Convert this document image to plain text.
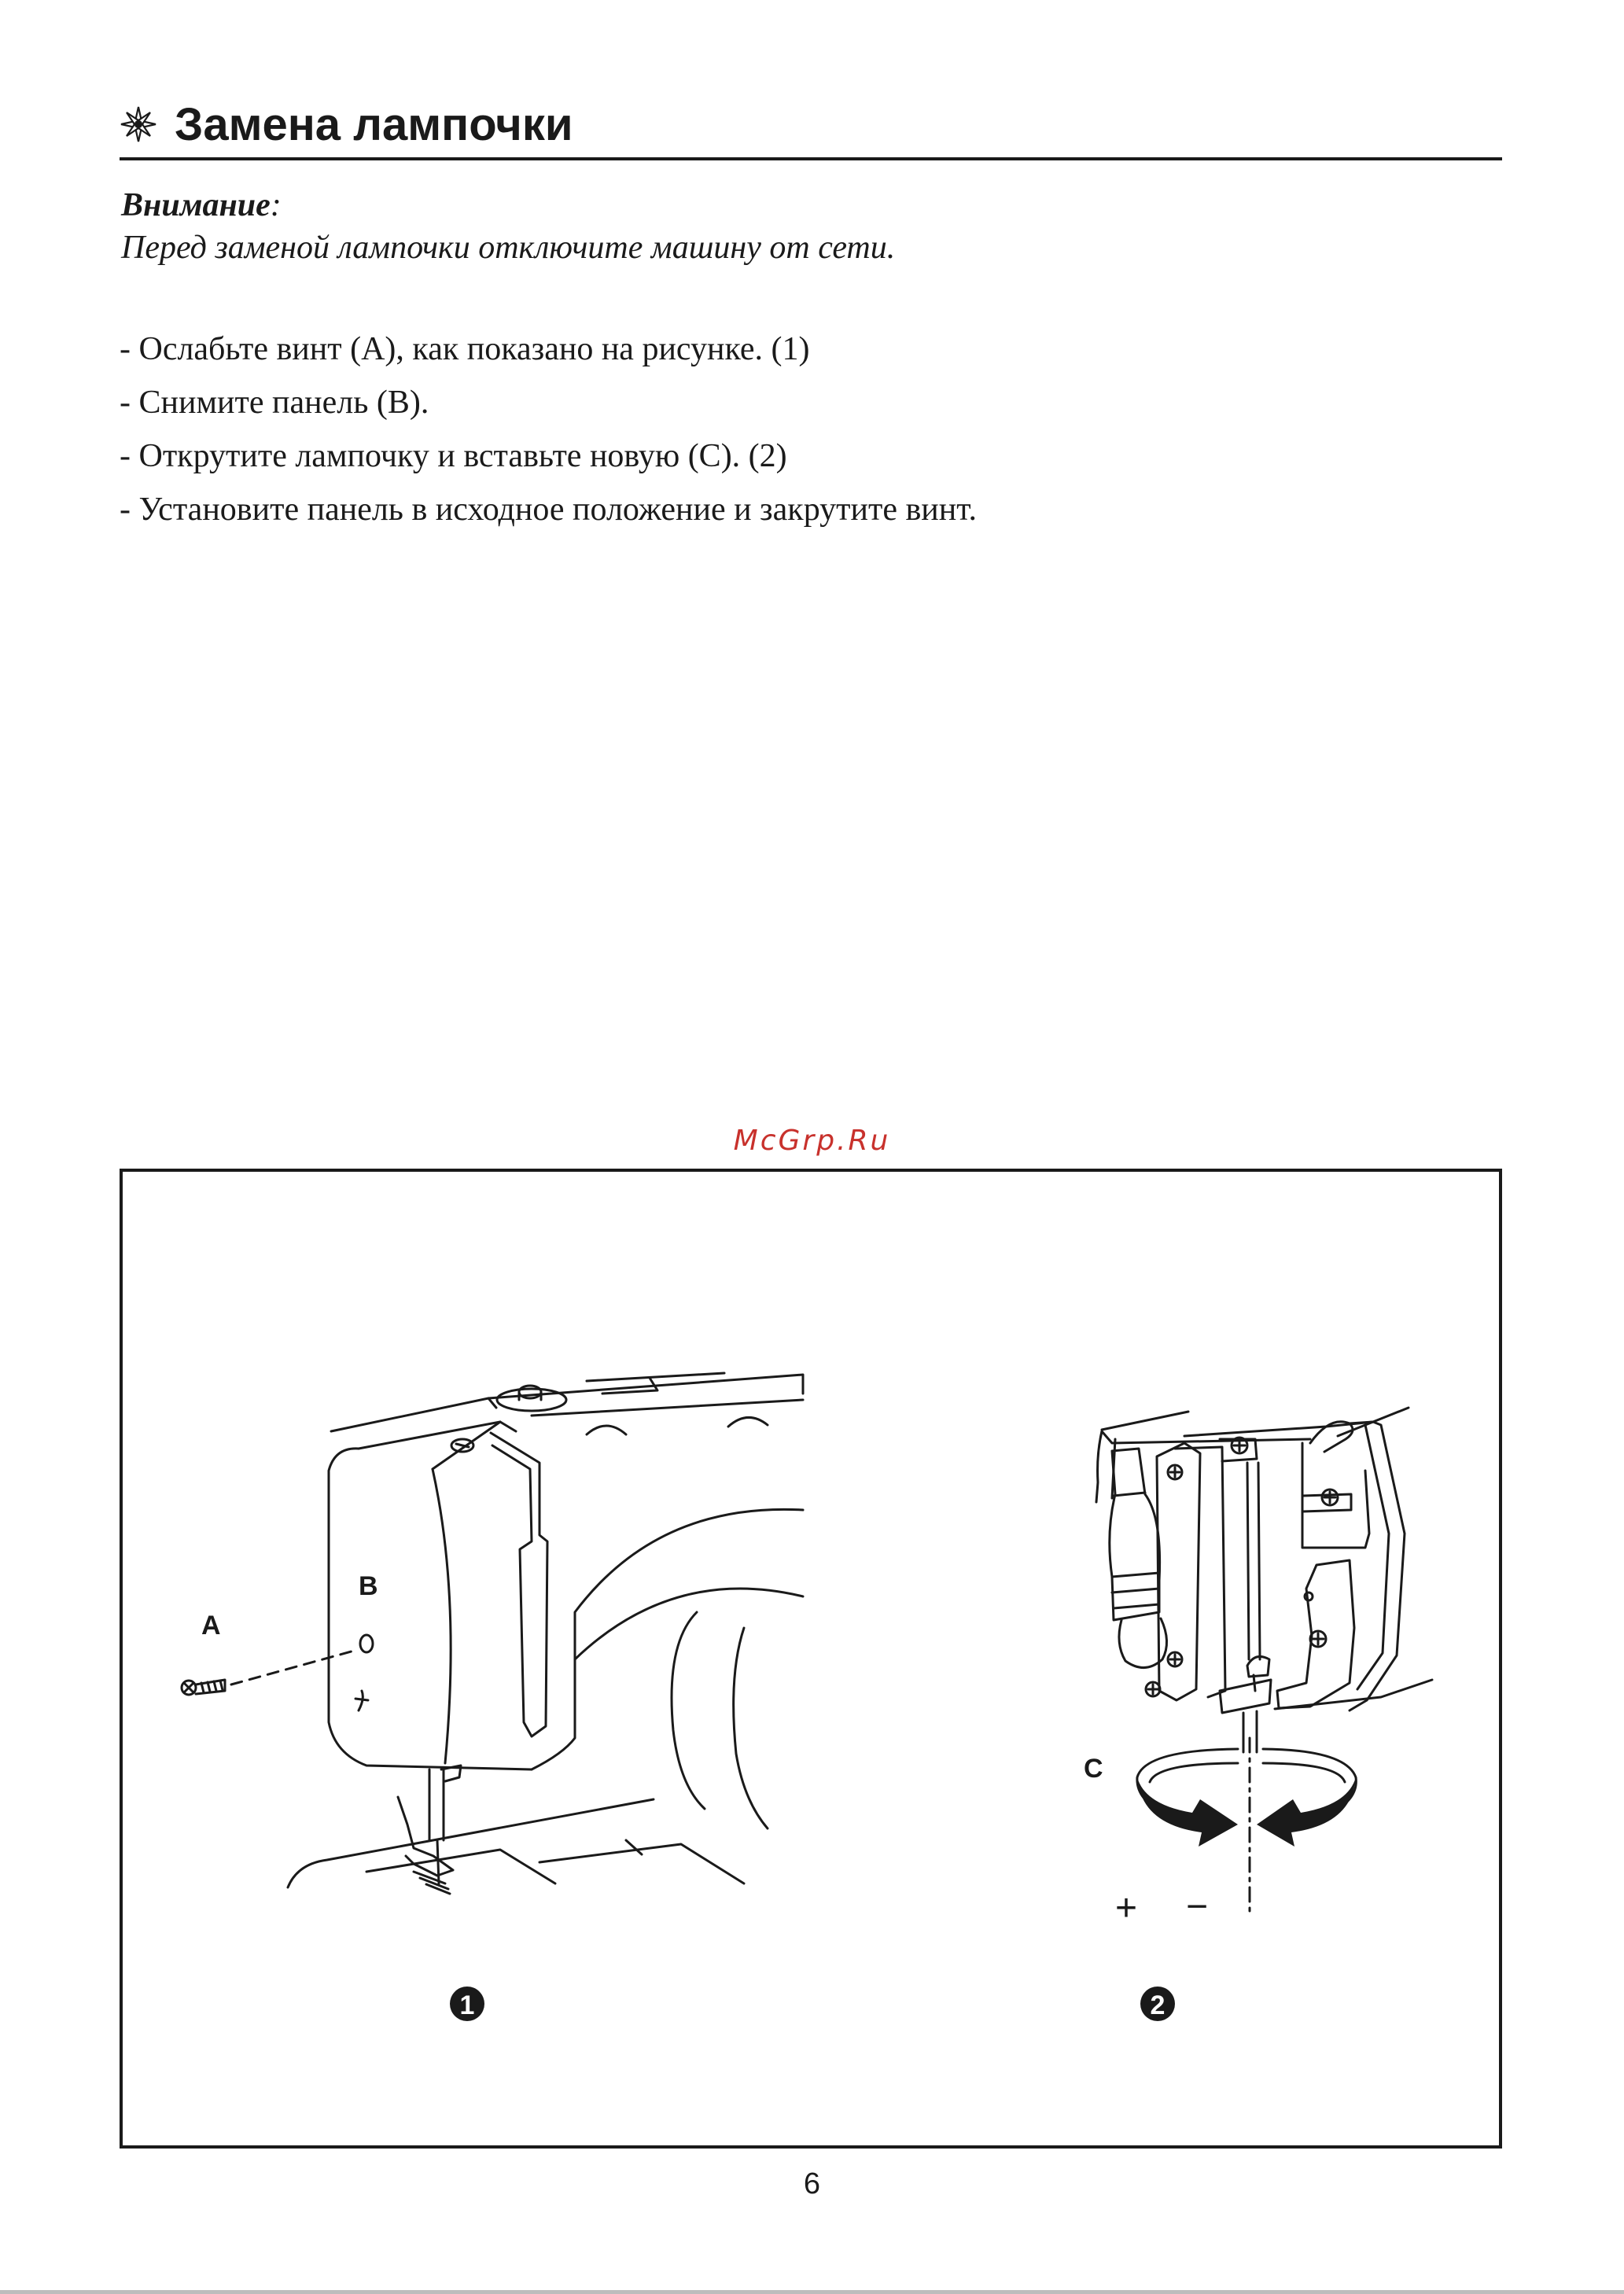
Замена лампочки
Внимание:
Перед заменой лампочки отключите машину от сети.
- Ослабьте винт (А), как показано на рисунке. (1)
- Снимите панель (В).
- Открутите лампочку и вставьте новую (С). (2)
- Установите панель в исходное положение и закрутите винт.
McGrp.Ru
B
A
C
+ −
1	2
6
